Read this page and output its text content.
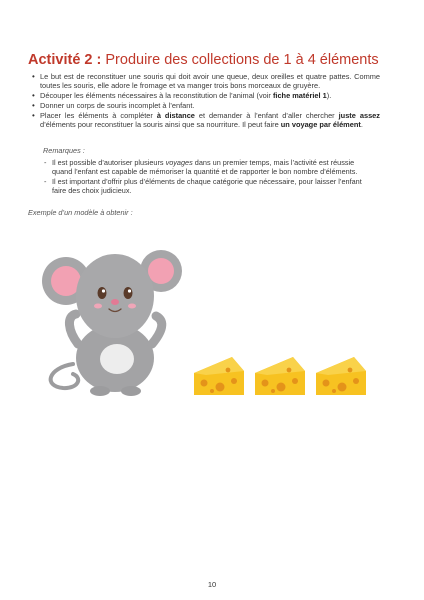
Activité 2 : Produire des collections de 1 à 4 éléments
• Le but est de reconstituer une souris qui doit avoir une queue, deux oreilles et quatre pattes. Comme toutes les souris, elle adore le fromage et va manger trois bons morceaux de gruyère.
• Découper les éléments nécessaires à la reconstitution de l’animal (voir fiche matériel 1).
• Donner un corps de souris incomplet à l’enfant.
• Placer les éléments à compléter à distance et demander à l’enfant d’aller chercher juste assez d’éléments pour reconstituer la souris ainsi que sa nourriture. Il peut faire un voyage par élément.
Remarques :
- Il est possible d’autoriser plusieurs voyages dans un premier temps, mais l’activité est réussie quand l’enfant est capable de mémoriser la quantité et de rapporter le bon nombre d’éléments.
- Il est important d’offrir plus d’éléments de chaque catégorie que nécessaire, pour laisser l’enfant faire des choix judicieux.
Exemple d’un modèle à obtenir :
10
